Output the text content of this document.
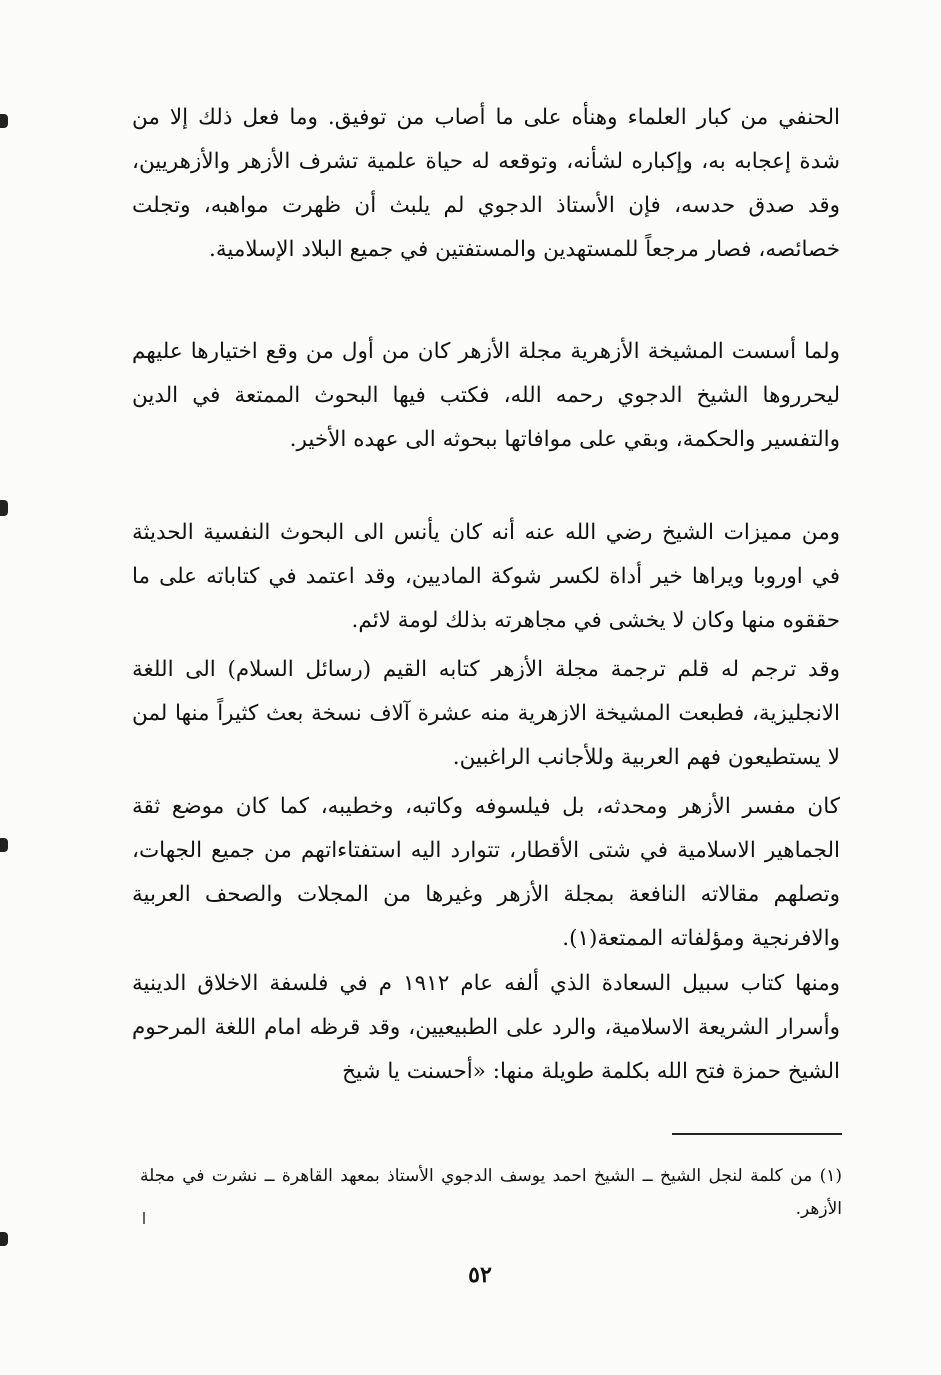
الحنفي من كبار العلماء وهنأه على ما أصاب من توفيق. وما فعل ذلك إلا من شدة إعجابه به، وإكباره لشأنه، وتوقعه له حياة علمية تشرف الأزهر والأزهريين، وقد صدق حدسه، فإن الأستاذ الدجوي لم يلبث أن ظهرت مواهبه، وتجلت خصائصه، فصار مرجعاً للمستهدين والمستفتين في جميع البلاد الإسلامية.
ولما أسست المشيخة الأزهرية مجلة الأزهر كان من أول من وقع اختيارها عليهم ليحرروها الشيخ الدجوي رحمه الله، فكتب فيها البحوث الممتعة في الدين والتفسير والحكمة، وبقي على موافاتها ببحوثه الى عهده الأخير.
ومن مميزات الشيخ رضي الله عنه أنه كان يأنس الى البحوث النفسية الحديثة في اوروبا ويراها خير أداة لكسر شوكة الماديين، وقد اعتمد في كتاباته على ما حققوه منها وكان لا يخشى في مجاهرته بذلك لومة لائم.
وقد ترجم له قلم ترجمة مجلة الأزهر كتابه القيم (رسائل السلام) الى اللغة الانجليزية، فطبعت المشيخة الازهرية منه عشرة آلاف نسخة بعث كثيراً منها لمن لا يستطيعون فهم العربية وللأجانب الراغبين.
كان مفسر الأزهر ومحدثه، بل فيلسوفه وكاتبه، وخطيبه، كما كان موضع ثقة الجماهير الاسلامية في شتى الأقطار، تتوارد اليه استفتاءاتهم من جميع الجهات، وتصلهم مقالاته النافعة بمجلة الأزهر وغيرها من المجلات والصحف العربية والافرنجية ومؤلفاته الممتعة(١).
ومنها كتاب سبيل السعادة الذي ألفه عام ١٩١٢ م في فلسفة الاخلاق الدينية وأسرار الشريعة الاسلامية، والرد على الطبيعيين، وقد قرظه امام اللغة المرحوم الشيخ حمزة فتح الله بكلمة طويلة منها: «أحسنت يا شيخ
(١) من كلمة لنجل الشيخ ــ الشيخ احمد يوسف الدجوي الأستاذ بمعهد القاهرة ــ نشرت في مجلة الأزهر.
٥٢
